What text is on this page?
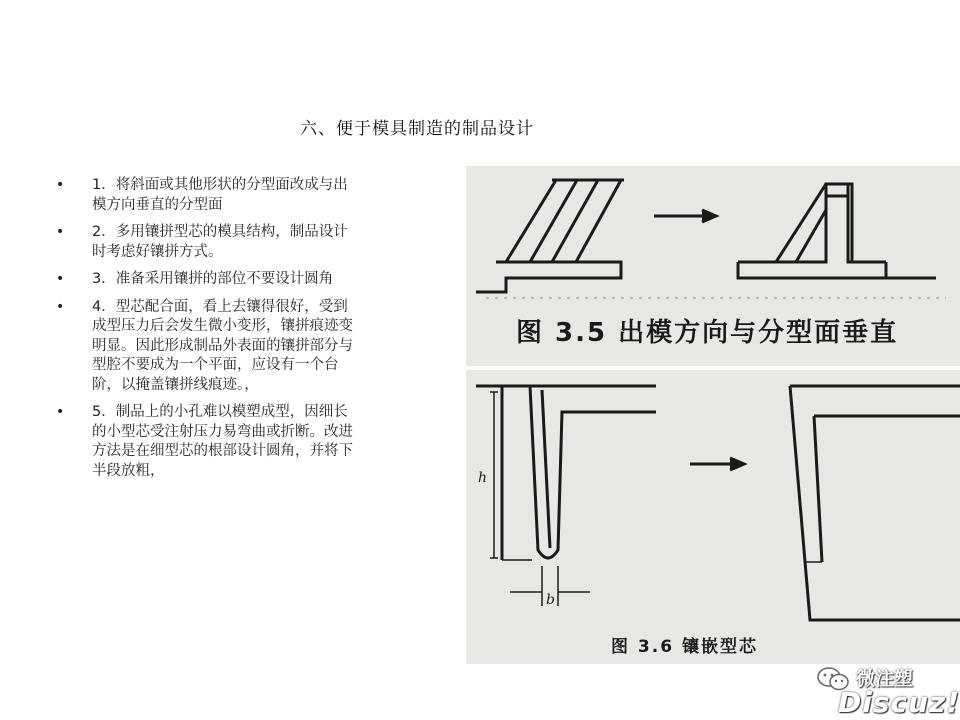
六、便于模具制造的制品设计
• 1．将斜面或其他形状的分型面改成与出模方向垂直的分型面
• 2．多用镶拼型芯的模具结构，制品设计时考虑好镶拼方式。
• 3．准备采用镶拼的部位不要设计圆角
• 4．型芯配合面，看上去镶得很好，受到成型压力后会发生微小变形，镶拼痕迹变明显。因此形成制品外表面的镶拼部分与型腔不要成为一个平面，应设有一个台阶，以掩盖镶拼线痕迹。，
• 5．制品上的小孔难以模塑成型，因细长的小型芯受注射压力易弯曲或折断。改进方法是在细型芯的根部设计圆角，并将下半段放粗，
图 3.5 出模方向与分型面垂直
h
b
图 3.6 镶嵌型芯
微注塑
Discuz!
